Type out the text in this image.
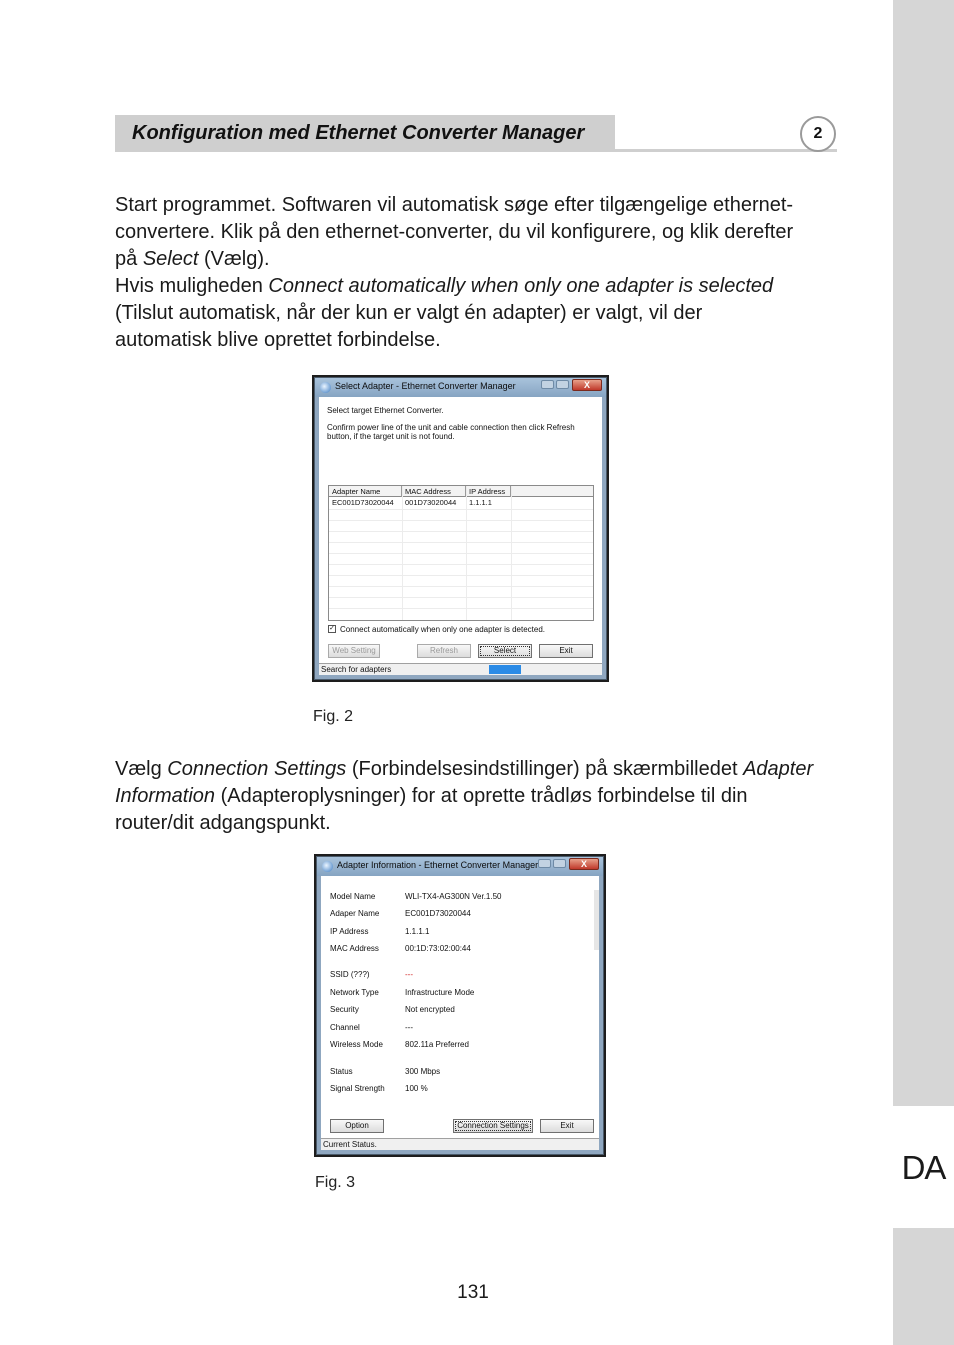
DA
Konfiguration med Ethernet Converter Manager	2
Start programmet. Softwaren vil automatisk søge efter tilgængelige ethernet-
convertere. Klik på den ethernet-converter, du vil konfigurere, og klik derefter
på Select (Vælg).
Hvis muligheden Connect automatically when only one adapter is selected
(Tilslut automatisk, når der kun er valgt én adapter) er valgt, vil der
automatisk blive oprettet forbindelse.
Select Adapter - Ethernet Converter Manager	X
Select target Ethernet Converter.
Confirm power line of the unit and cable connection then click Refresh
button, if the target unit is not found.
Adapter Name	MAC Address	IP Address
EC001D73020044	001D73020044	1.1.1.1
✓ Connect automatically when only one adapter is detected.
Web Setting	Refresh	Select	Exit
Search for adapters
Fig. 2
Vælg Connection Settings (Forbindelsesindstillinger) på skærmbilledet Adapter
Information (Adapteroplysninger) for at oprette trådløs forbindelse til din
router/dit adgangspunkt.
Adapter Information - Ethernet Converter Manager	X
Model Name	WLI-TX4-AG300N Ver.1.50
Adaper Name	EC001D73020044
IP Address	1.1.1.1
MAC Address	00:1D:73:02:00:44
SSID (???)	---
Network Type	Infrastructure Mode
Security	Not encrypted
Channel	---
Wireless Mode	802.11a Preferred
Status	300 Mbps
Signal Strength	100 %
Option	Connection Settings	Exit
Current Status.
Fig. 3
131
